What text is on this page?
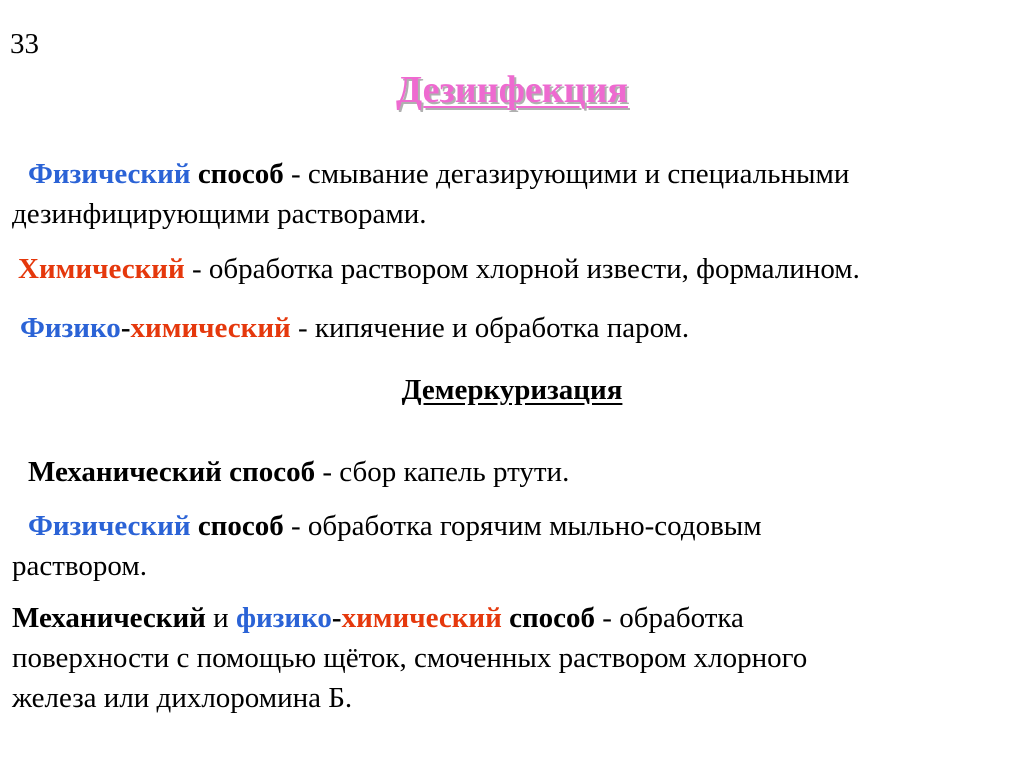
33
Дезинфекция
Физический способ - смывание дегазирующими и специальными
дезинфицирующими растворами.
Химический - обработка раствором хлорной извести, формалином.
Физико-химический - кипячение и обработка паром.
Демеркуризация
Механический способ - сбор капель ртути.
Физический способ - обработка горячим мыльно-содовым
раствором.
Механический и физико-химический способ - обработка
поверхности с помощью щёток, смоченных раствором хлорного
железа или дихлоромина Б.
